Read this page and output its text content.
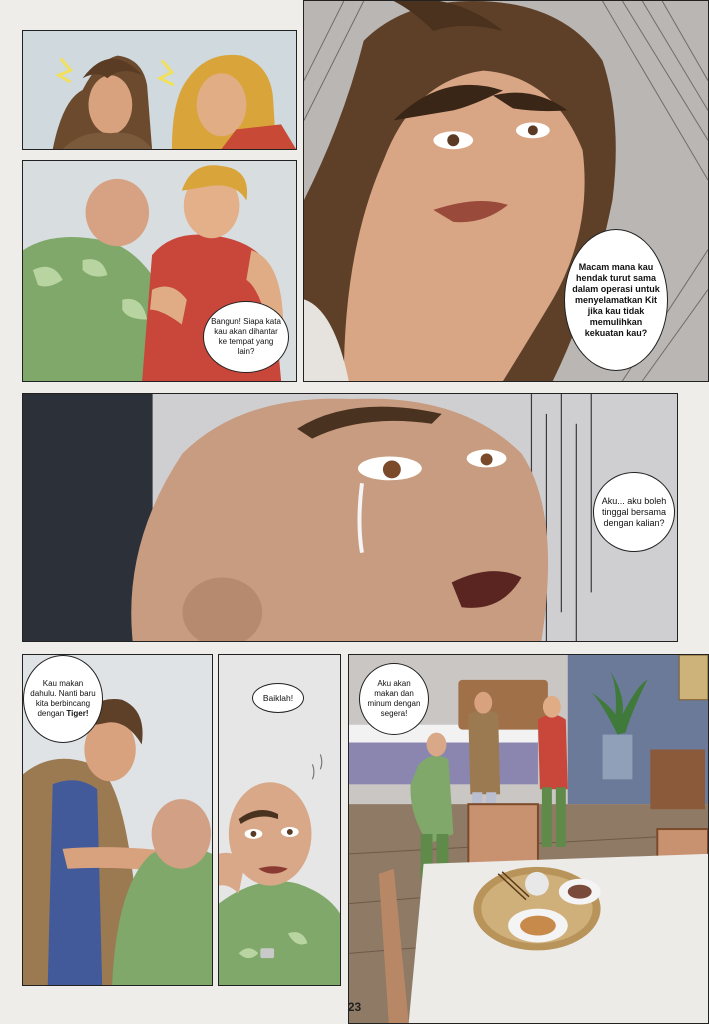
Bangun! Siapa kata kau akan dihantar ke tempat yang lain?
Macam mana kau hendak turut sama dalam operasi untuk menyelamatkan Kit jika kau tidak memulihkan kekuatan kau?
Aku... aku boleh tinggal bersama dengan kalian?
Kau makan dahulu. Nanti baru kita berbincang dengan Tiger!
Baiklah!
Aku akan makan dan minum dengan segera!
23
